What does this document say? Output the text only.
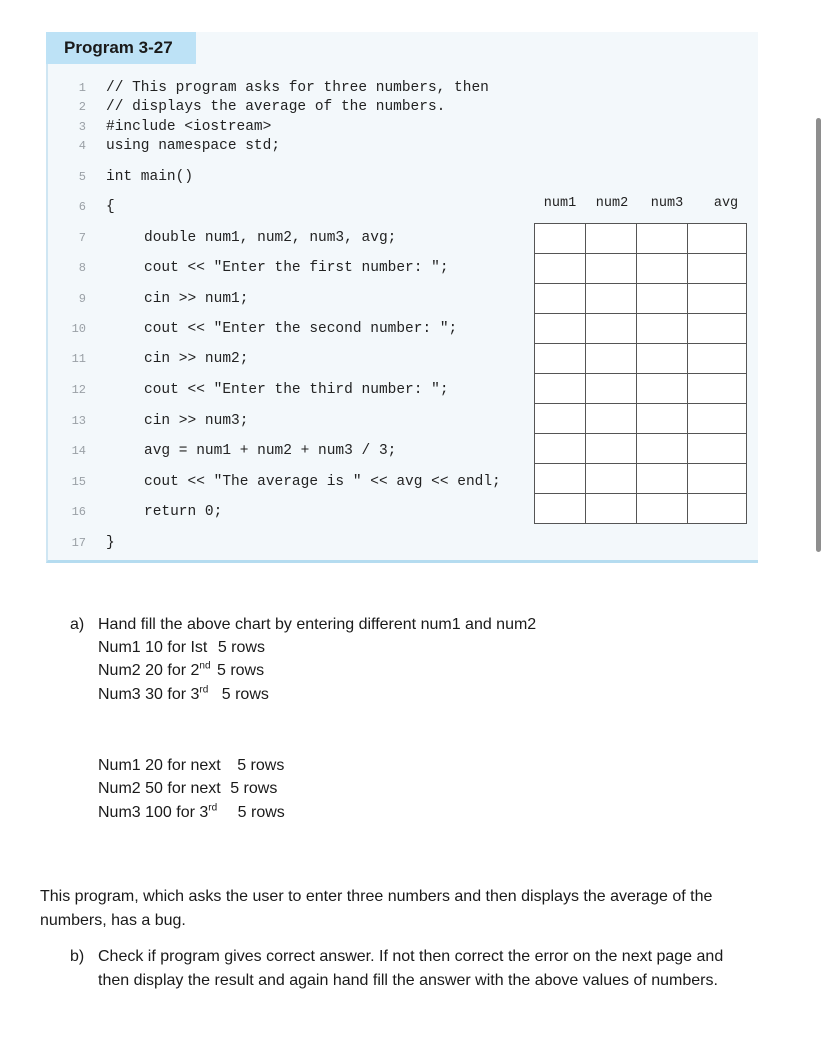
Program 3-27
1 // This program asks for three numbers, then
2 // displays the average of the numbers.
3 #include <iostream>
4 using namespace std;
5 int main()
6 {
7	double num1, num2, num3, avg;
8	cout << "Enter the first number: ";
9	cin >> num1;
10	cout << "Enter the second number: ";
11	cin >> num2;
12	cout << "Enter the third number: ";
13	cin >> num3;
14	avg = num1 + num2 + num3 / 3;
15	cout << "The average is " << avg << endl;
16	return 0;
17 }
num1	num2	num3	avg

a) Hand fill the above chart by entering different num1 and num2
Num1 10 for Ist 5 rows
Num2 20 for 2nd 5 rows
Num3 30 for 3rd 5 rows
Num1 20 for next 5 rows
Num2 50 for next 5 rows
Num3 100 for 3rd 5 rows
This program, which asks the user to enter three numbers and then displays the average of the
numbers, has a bug.
b) Check if program gives correct answer. If not then correct the error on the next page and
then display the result and again hand fill the answer with the above values of numbers.
